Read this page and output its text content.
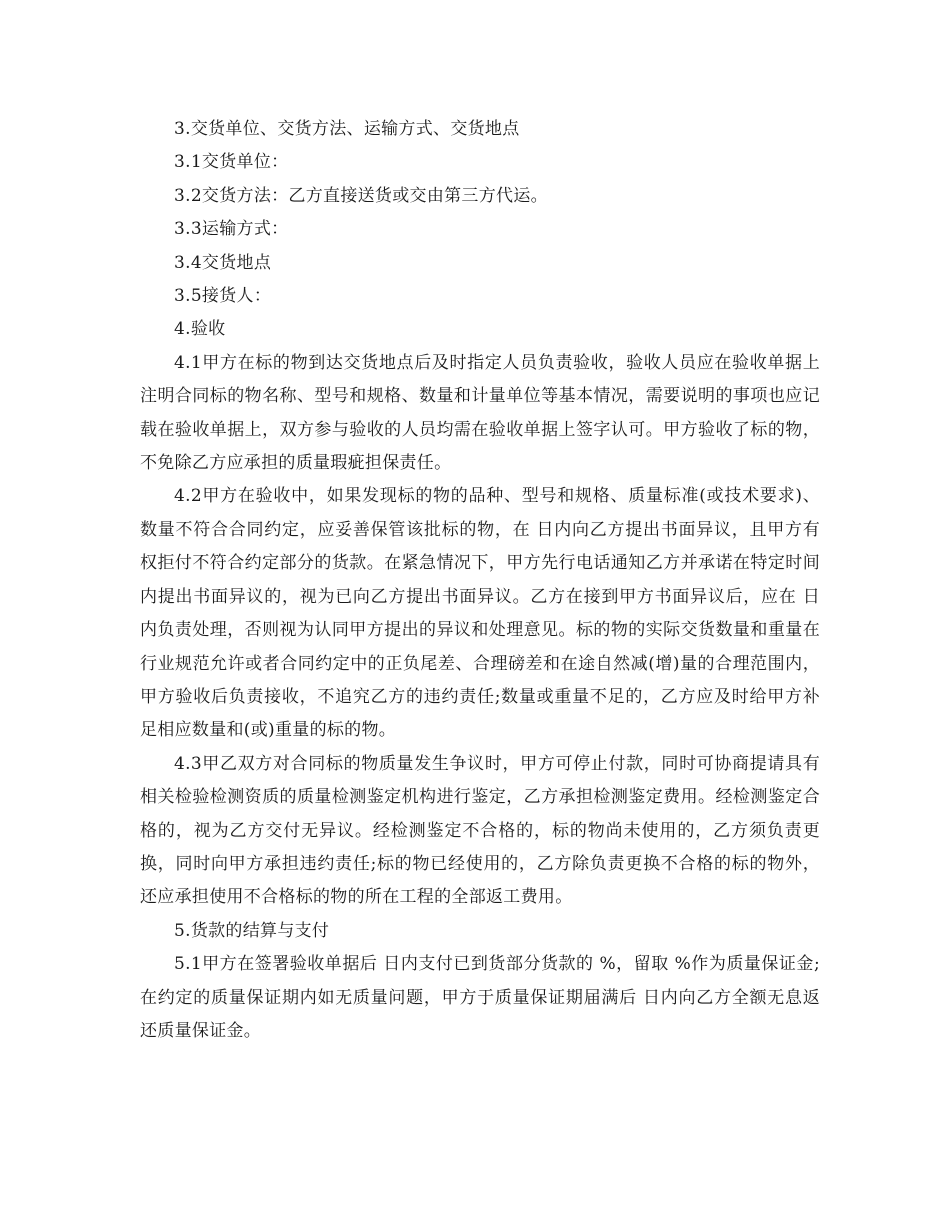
3.交货单位、交货方法、运输方式、交货地点

3.1交货单位：

3.2交货方法：乙方直接送货或交由第三方代运。

3.3运输方式：

3.4交货地点

3.5接货人：

4.验收

4.1甲方在标的物到达交货地点后及时指定人员负责验收，验收人员应在验收单据上注明合同标的物名称、型号和规格、数量和计量单位等基本情况，需要说明的事项也应记载在验收单据上，双方参与验收的人员均需在验收单据上签字认可。甲方验收了标的物，不免除乙方应承担的质量瑕疵担保责任。

4.2甲方在验收中，如果发现标的物的品种、型号和规格、质量标准(或技术要求)、数量不符合合同约定，应妥善保管该批标的物，在 日内向乙方提出书面异议，且甲方有权拒付不符合约定部分的货款。在紧急情况下，甲方先行电话通知乙方并承诺在特定时间内提出书面异议的，视为已向乙方提出书面异议。乙方在接到甲方书面异议后，应在 日内负责处理，否则视为认同甲方提出的异议和处理意见。标的物的实际交货数量和重量在行业规范允许或者合同约定中的正负尾差、合理磅差和在途自然减(增)量的合理范围内，甲方验收后负责接收，不追究乙方的违约责任;数量或重量不足的，乙方应及时给甲方补足相应数量和(或)重量的标的物。

4.3甲乙双方对合同标的物质量发生争议时，甲方可停止付款，同时可协商提请具有相关检验检测资质的质量检测鉴定机构进行鉴定，乙方承担检测鉴定费用。经检测鉴定合格的，视为乙方交付无异议。经检测鉴定不合格的，标的物尚未使用的，乙方须负责更换，同时向甲方承担违约责任;标的物已经使用的，乙方除负责更换不合格的标的物外，还应承担使用不合格标的物的所在工程的全部返工费用。

5.货款的结算与支付

5.1甲方在签署验收单据后 日内支付已到货部分货款的 %，留取 %作为质量保证金;在约定的质量保证期内如无质量问题，甲方于质量保证期届满后 日内向乙方全额无息返还质量保证金。
